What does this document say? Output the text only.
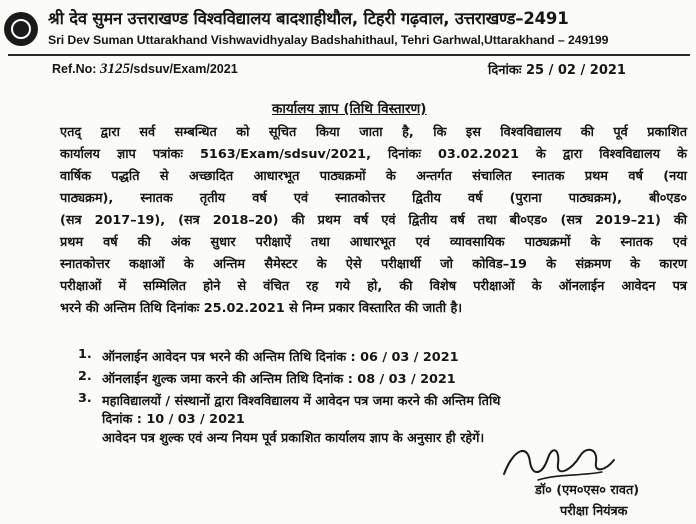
श्री देव सुमन उत्तराखण्ड विश्वविद्यालय बादशाहीथौल, टिहरी गढ़वाल, उत्तराखण्ड–2491
Sri Dev Suman Uttarakhand Vishwavidhyalay Badshahithaul, Tehri Garhwal,Uttarakhand – 249199
Ref.No: 3125/sdsuv/Exam/2021	दिनांकः 25 / 02 / 2021
कार्यालय ज्ञाप (तिथि विस्तारण)
एतद् द्वारा सर्व सम्बन्धित को सूचित किया जाता है, कि इस विश्वविद्यालय की पूर्व प्रकाशित
कार्यालय ज्ञाप पत्रांकः 5163/Exam/sdsuv/2021, दिनांकः 03.02.2021 के द्वारा विश्वविद्यालय के
वार्षिक पद्धति से अच्छादित आधारभूत पाठ्यक्रमों के अन्तर्गत संचालित स्नातक प्रथम वर्ष (नया
पाठ्यक्रम), स्नातक तृतीय वर्ष एवं स्नातकोत्तर द्वितीय वर्ष (पुराना पाठ्यक्रम), बी०एड०
(सत्र 2017–19), (सत्र 2018–20) की प्रथम वर्ष एवं द्वितीय वर्ष तथा बी०एड० (सत्र 2019–21) की
प्रथम वर्ष की अंक सुधार परीक्षाऐं तथा आधारभूत एवं व्यावसायिक पाठ्यक्रमों के स्नातक एवं
स्नातकोत्तर कक्षाओं के अन्तिम सैमेस्टर के ऐसे परीक्षार्थी जो कोविड–19 के संक्रमण के कारण
परीक्षाओं में सम्मिलित होने से वंचित रह गये हो, की विशेष परीक्षाओं के ऑनलाईन आवेदन पत्र
भरने की अन्तिम तिथि दिनांकः 25.02.2021 से निम्न प्रकार विस्तारित की जाती है।
1. ऑनलाईन आवेदन पत्र भरने की अन्तिम तिथि दिनांक : 06 / 03 / 2021
2. ऑनलाईन शुल्क जमा करने की अन्तिम तिथि दिनांक : 08 / 03 / 2021
3. महाविद्यालयों / संस्थानों द्वारा विश्वविद्यालय में आवेदन पत्र जमा करने की अन्तिम तिथि
दिनांक : 10 / 03 / 2021
आवेदन पत्र शुल्क एवं अन्य नियम पूर्व प्रकाशित कार्यालय ज्ञाप के अनुसार ही रहेगें।
डॉ० (एम०एस० रावत)
परीक्षा नियंत्रक
